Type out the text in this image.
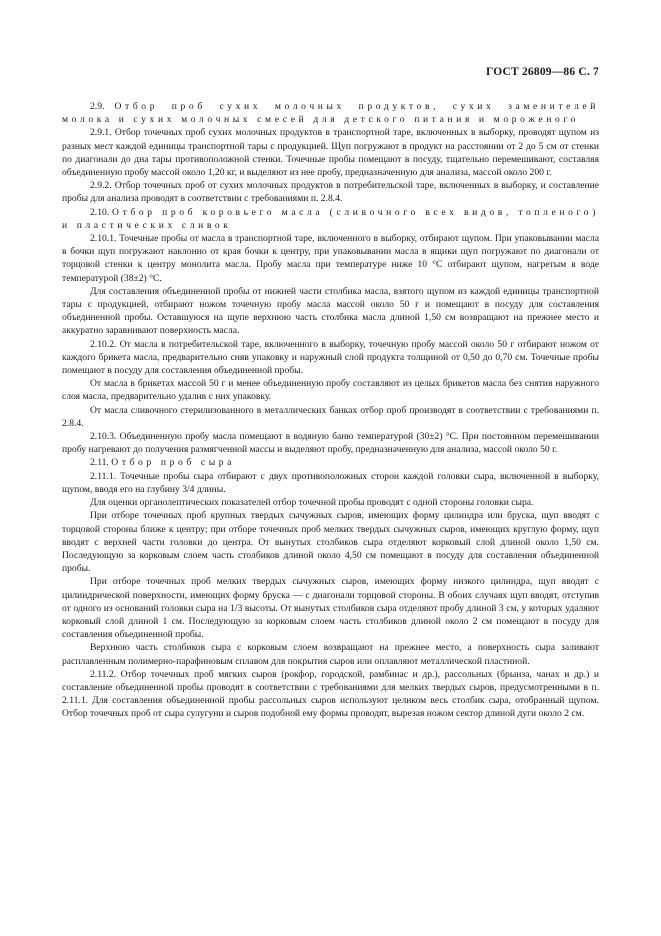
ГОСТ 26809—86 С. 7

2.9. Отбор проб сухих молочных продуктов, сухих заменителей молока и сухих молочных смесей для детского питания и мороженого

2.9.1. Отбор точечных проб сухих молочных продуктов в транспортной таре, включенных в выборку, проводят щупом из разных мест каждой единицы транспортной тары с продукцией. Щуп погружают в продукт на расстоянии от 2 до 5 см от стенки по диагонали до дна тары противоположной стенки. Точечные пробы помещают в посуду, тщательно перемешивают, составляя объединенную пробу массой около 1,20 кг, и выделяют из нее пробу, предназначенную для анализа, массой около 200 г.

2.9.2. Отбор точечных проб от сухих молочных продуктов в потребительской таре, включенных в выборку, и составление пробы для анализа проводят в соответствии с требованиями п. 2.8.4.

2.10. Отбор проб коровьего масла (сливочного всех видов, топленого) и пластических сливок

2.10.1. Точечные пробы от масла в транспортной таре, включенного в выборку, отбирают щупом. При упаковывании масла в бочки щуп погружают наклонно от края бочки к центру, при упаковывании масла в ящики щуп погружают по диагонали от торцовой стенки к центру монолита масла. Пробу масла при температуре ниже 10 °С отбирают щупом, нагретым в воде температурой (38±2) °С.

Для составления объединенной пробы от нижней части столбика масла, взятого щупом из каждой единицы транспортной тары с продукцией, отбирают ножом точечную пробу масла массой около 50 г и помещают в посуду для составления объединенной пробы. Оставшуюся на щупе верхнюю часть столбика масла длиной 1,50 см возвращают на прежнее место и аккуратно заравнивают поверхность масла.

2.10.2. От масла в потребительской таре, включенного в выборку, точечную пробу массой около 50 г отбирают ножом от каждого брикета масла, предварительно сняв упаковку и наружный слой продукта толщиной от 0,50 до 0,70 см. Точечные пробы помещают в посуду для составления объединенной пробы.

От масла в брикетах массой 50 г и менее объединенную пробу составляют из целых брикетов масла без снятия наружного слоя масла, предварительно удалив с них упаковку.

От масла сливочного стерилизованного в металлических банках отбор проб производят в соответствии с требованиями п. 2.8.4.

2.10.3. Объединенную пробу масла помещают в водяную баню температурой (30±2) °С. При постоянном перемешивании пробу нагревают до получения размягченной массы и выделяют пробу, предназначенную для анализа, массой около 50 г.

2.11. Отбор проб сыра

2.11.1. Точечные пробы сыра отбирают с двух противоположных сторон каждой головки сыра, включенной в выборку, щупом, вводя его на глубину 3/4 длины.

Для оценки органолептических показателей отбор точечной пробы проводят с одной стороны головки сыра.

При отборе точечных проб крупных твердых сычужных сыров, имеющих форму цилиндра или бруска, щуп вводят с торцовой стороны ближе к центру; при отборе точечных проб мелких твердых сычужных сыров, имеющих круглую форму, щуп вводят с верхней части головки до центра. От вынутых столбиков сыра отделяют корковый слой длиной около 1,50 см. Последующую за корковым слоем часть столбиков длиной около 4,50 см помещают в посуду для составления объединенной пробы.

При отборе точечных проб мелких твердых сычужных сыров, имеющих форму низкого цилиндра, щуп вводят с цилиндрической поверхности, имеющих форму бруска — с диагонали торцовой стороны. В обоих случаях щуп вводят, отступив от одного из оснований головки сыра на 1/3 высоты. От вынутых столбиков сыра отделяют пробу длиной 3 см, у которых удаляют корковый слой длиной 1 см. Последующую за корковым слоем часть столбиков длиной около 2 см помещают в посуду для составления объединенной пробы.

Верхнюю часть столбиков сыра с корковым слоем возвращают на прежнее место, а поверхность сыра заливают расплавленным полимерно-парафиновым сплавом для покрытия сыров или оплавляют металлической пластиной.

2.11.2. Отбор точечных проб мягких сыров (рокфор, городской, рамбинас и др.), рассольных (брынза, чанах и др.) и составление объединенной пробы проводят в соответствии с требованиями для мелких твердых сыров, предусмотренными в п. 2.11.1. Для составления объединенной пробы рассольных сыров используют целиком весь столбик сыра, отобранный щупом. Отбор точечных проб от сыра сулугуни и сыров подобной ему формы проводят, вырезая ножом сектор длиной дуги около 2 см.
